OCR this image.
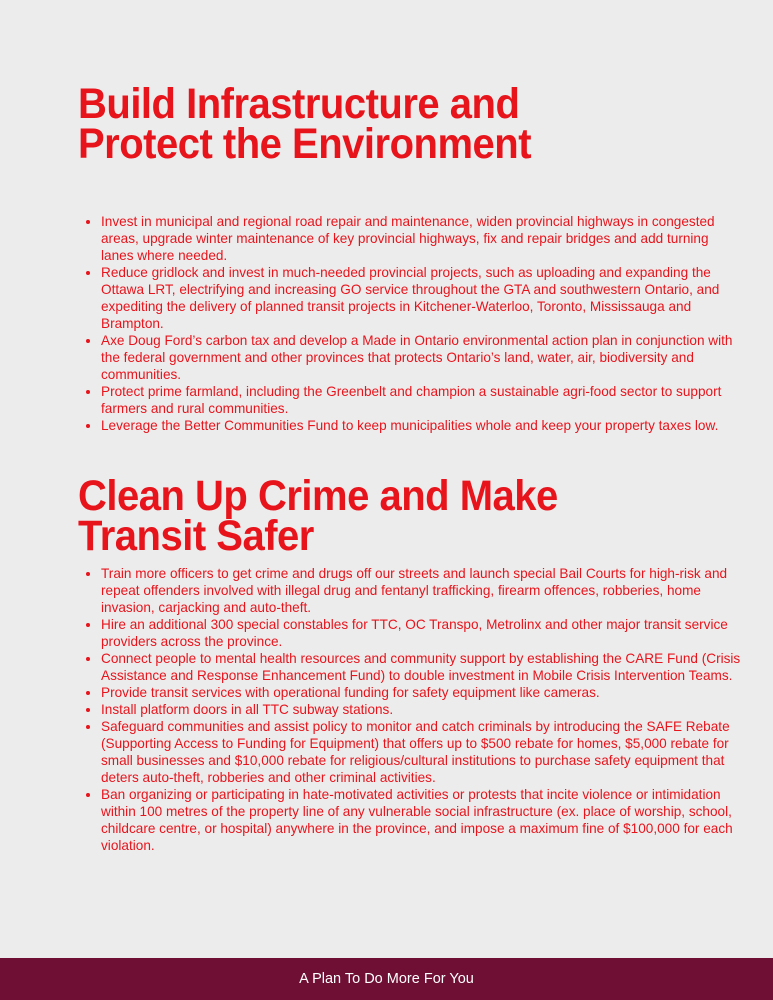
Build Infrastructure and Protect the Environment
• Invest in municipal and regional road repair and maintenance, widen provincial highways in congested areas, upgrade winter maintenance of key provincial highways, fix and repair bridges and add turning lanes where needed.
• Reduce gridlock and invest in much-needed provincial projects, such as uploading and expanding the Ottawa LRT, electrifying and increasing GO service throughout the GTA and southwestern Ontario, and expediting the delivery of planned transit projects in Kitchener-Waterloo, Toronto, Mississauga and Brampton.
• Axe Doug Ford’s carbon tax and develop a Made in Ontario environmental action plan in conjunction with the federal government and other provinces that protects Ontario’s land, water, air, biodiversity and communities.
• Protect prime farmland, including the Greenbelt and champion a sustainable agri-food sector to support farmers and rural communities.
• Leverage the Better Communities Fund to keep municipalities whole and keep your property taxes low.
Clean Up Crime and Make Transit Safer
• Train more officers to get crime and drugs off our streets and launch special Bail Courts for high-risk and repeat offenders involved with illegal drug and fentanyl trafficking, firearm offences, robberies, home invasion, carjacking and auto-theft.
• Hire an additional 300 special constables for TTC, OC Transpo, Metrolinx and other major transit service providers across the province.
• Connect people to mental health resources and community support by establishing the CARE Fund (Crisis Assistance and Response Enhancement Fund) to double investment in Mobile Crisis Intervention Teams.
• Provide transit services with operational funding for safety equipment like cameras.
• Install platform doors in all TTC subway stations.
• Safeguard communities and assist policy to monitor and catch criminals by introducing the SAFE Rebate (Supporting Access to Funding for Equipment) that offers up to $500 rebate for homes, $5,000 rebate for small businesses and $10,000 rebate for religious/cultural institutions to purchase safety equipment that deters auto-theft, robberies and other criminal activities.
• Ban organizing or participating in hate-motivated activities or protests that incite violence or intimidation within 100 metres of the property line of any vulnerable social infrastructure (ex. place of worship, school, childcare centre, or hospital) anywhere in the province, and impose a maximum fine of $100,000 for each violation.
A Plan To Do More For You
